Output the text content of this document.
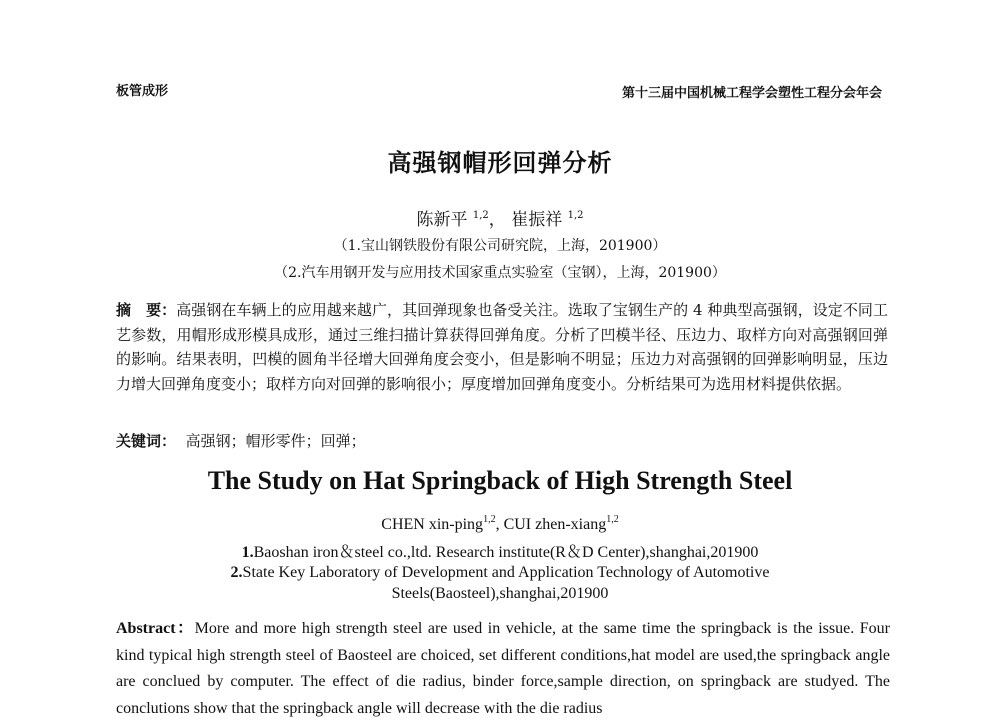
板管成形	第十三届中国机械工程学会塑性工程分会年会
高强钢帽形回弹分析
陈新平 $^{1,2}$， 崔振祥 $^{1,2}$
（1.宝山钢铁股份有限公司研究院，上海，201900）
（2.汽车用钢开发与应用技术国家重点实验室（宝钢），上海，201900）
摘　要：高强钢在车辆上的应用越来越广，其回弹现象也备受关注。选取了宝钢生产的 4 种典型高强钢，设定不同工艺参数，用帽形成形模具成形，通过三维扫描计算获得回弹角度。分析了凹模半径、压边力、取样方向对高强钢回弹的影响。结果表明，凹模的圆角半径增大回弹角度会变小，但是影响不明显；压边力对高强钢的回弹影响明显，压边力增大回弹角度变小；取样方向对回弹的影响很小；厚度增加回弹角度变小。分析结果可为选用材料提供依据。
关键词： 高强钢；帽形零件；回弹；
The Study on Hat Springback of High Strength Steel
CHEN xin-ping$^{1,2}$, CUI zhen-xiang$^{1,2}$
1.Baoshan iron＆steel co.,ltd. Research institute(R＆D Center),shanghai,201900
2.State Key Laboratory of Development and Application Technology of Automotive Steels(Baosteel),shanghai,201900
Abstract：More and more high strength steel are used in vehicle, at the same time the springback is the issue. Four kind typical high strength steel of Baosteel are choiced, set different conditions,hat model are used,the springback angle are conclued by computer. The effect of die radius, binder force,sample direction, on springback are studyed. The conclutions show that the springback angle will decrease with the die radius
